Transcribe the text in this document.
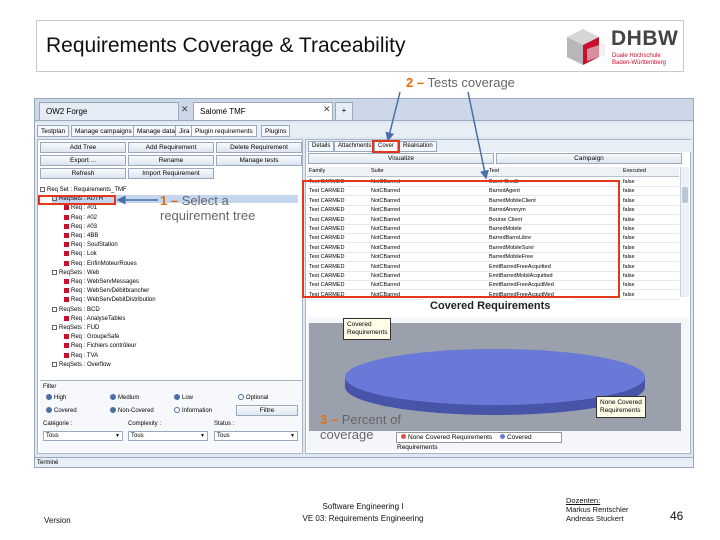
Requirements Coverage & Traceability	DHBW
Duale Hochschule
Baden-Württemberg
2 – Tests coverage
OW2 Forge	✕	Salomé TMF	✕	+
Testplan	Manage campaigns Manage data Jira Plugin requirements	Plugins
Add Tree	Add Requirement	Delete Requirement
Export ...	Rename	Manage tests
Refresh	Import Requirement
Req Set : Requirements_TMF
ReqSets : AUTH
Req : #01
Req : #02
Req : #03
Req : 4BB
Req : SoulStation
Req : Lok
Req : EnfinMoteurRoues
ReqSets : Web
Req : WebServMessages
Req : WebServDébitbrancher
Req : WebServDebitDistribution
ReqSets : BCD
Req : AnalyseTables
ReqSets : FUD
Req : GroupeSafe
Req : Fichiers contrôleur
Req : TVA
ReqSets : Overflow
Filter
High	Medium	Low	Optional
Covered	Non-Covered	Information	Filtre
Catégorie :	Complexity :	Status :
Tous	▼	Tous	▼	Tous	▼
Details	Attachments	Cover	Réalisation
Visualize	Campaign
Family	Suite	Test	Executed
Test CARMED	NotCBarred	Barré Credit	false
Test CARMED	NotCBarred	BarredAgent	false
Test CARMED	NotCBarred	BarredMobileClient	false
Test CARMED	NotCBarred	BarredAnonym	false
Test CARMED	NotCBarred	Bourse Client	false
Test CARMED	NotCBarred	BarredMobile	false
Test CARMED	NotCBarred	BarredBarreLibre	false
Test CARMED	NotCBarred	BarredMobileSuivi	false
Test CARMED	NotCBarred	BarredMobileFree	false
Test CARMED	NotCBarred	EmitBarredFreeAcquitted	false
Test CARMED	NotCBarred	EmitBarredMobilAcquitted	false
Test CARMED	NotCBarred	EmitBarredFreeAcquitMed	false
Test CARMED	NotCBarred	EmitBarredFreeAcquitMed	false
Terminé
Covered Requirements
Covered
Requirements
None Covered
Requirements
None Covered Requirements Covered Requirements
1 – Select a
requirement tree
3 – Percent of
coverage
Version
Software Engineering I
VE 03: Requirements Engineering
Dozenten:
Markus Rentschler
Andreas Stuckert	46
